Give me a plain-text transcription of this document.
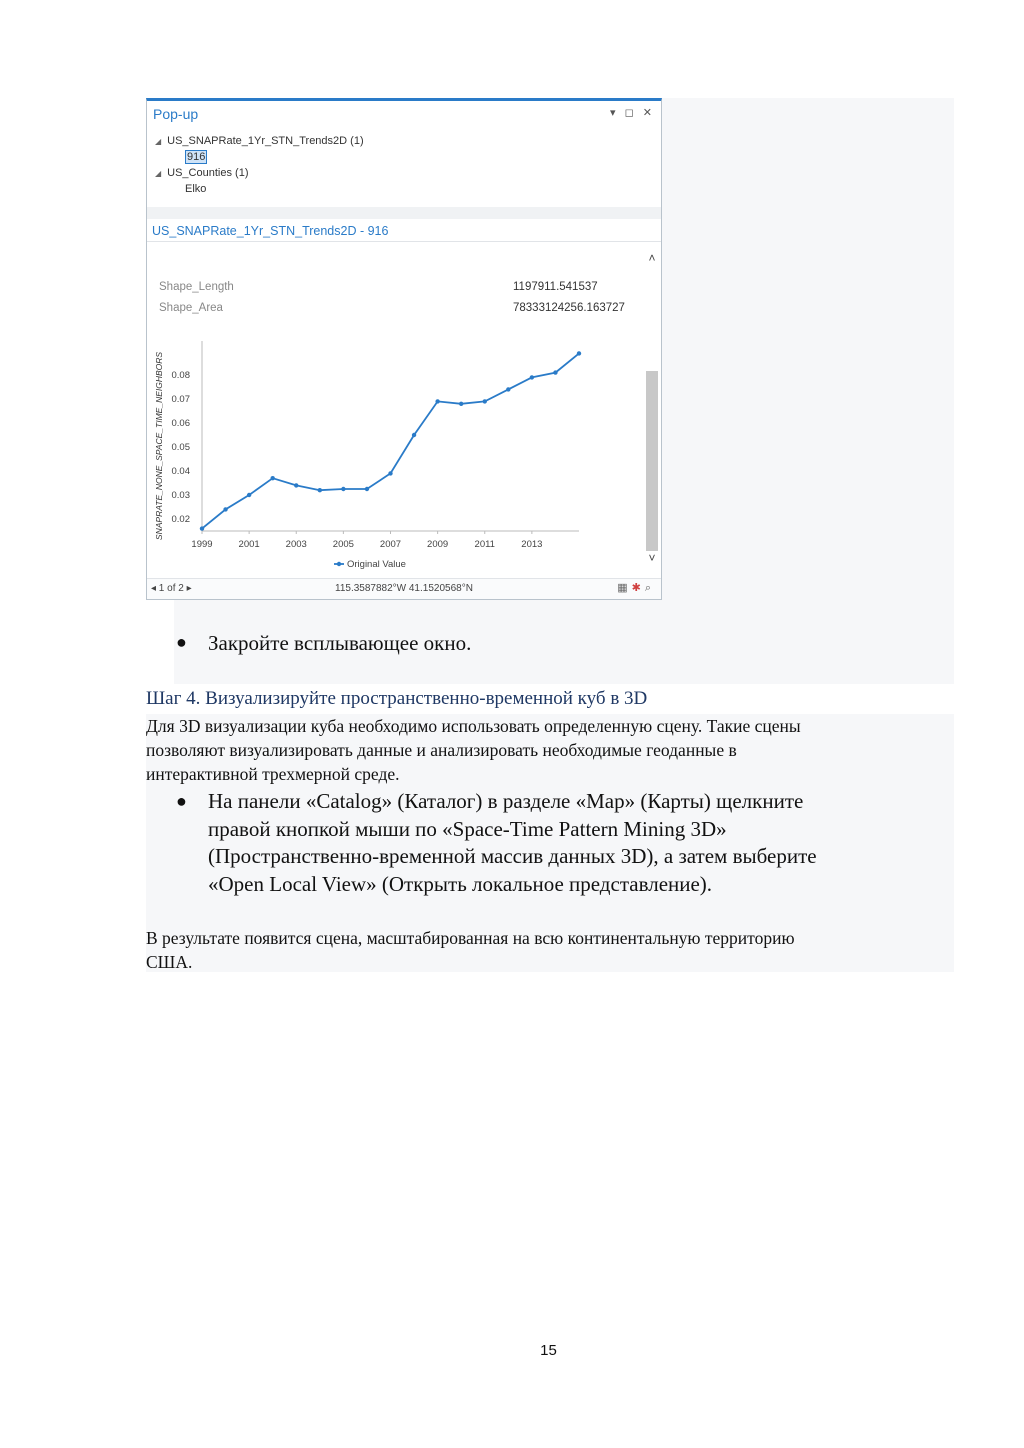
Pop-up	▾ ◻ ✕
◢ US_SNAPRate_1Yr_STN_Trends2D (1)
916
◢ US_Counties (1)
Elko
US_SNAPRate_1Yr_STN_Trends2D - 916
Shape_Length	1197911.541537
Shape_Area	78333124256.163727
˄
˅
0.02
0.03
0.04
0.05
0.06
0.07
0.08
1999	2001	2003	2005	2007	2009	2011	2013
SNAPRATE_NONE_SPACE_TIME_NEIGHBORS
Original Value
◂ 1 of 2 ▸	115.3587882°W 41.1520568°N	▦✱⌕
● Закройте всплывающее окно.
Шаг 4. Визуализируйте пространственно-временной куб в 3D
Для 3D визуализации куба необходимо использовать определенную сцену. Такие сцены
позволяют визуализировать данные и анализировать необходимые геоданные в
интерактивной трехмерной среде.
● На панели «Catalog» (Каталог) в разделе «Map» (Карты) щелкните
правой кнопкой мыши по «Space-Time Pattern Mining 3D»
(Пространственно-временной массив данных 3D), а затем выберите
«Open Local View» (Открыть локальное представление).
В результате появится сцена, масштабированная на всю континентальную территорию
США.
15
